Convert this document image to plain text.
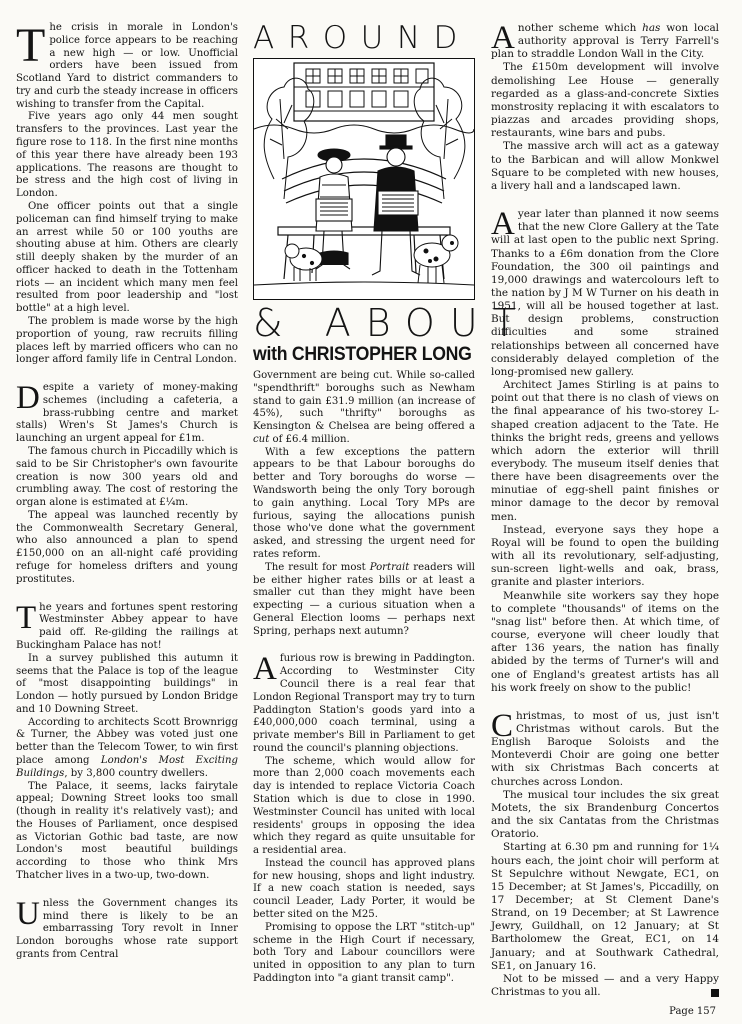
The crisis in morale in London's police force appears to be reaching a new high — or low. Unofficial orders have been issued from Scotland Yard to district commanders to try and curb the steady increase in officers wishing to transfer from the Capital.

Five years ago only 44 men sought transfers to the provinces. Last year the figure rose to 118. In the first nine months of this year there have already been 193 applications. The reasons are thought to be stress and the high cost of living in London.

One officer points out that a single policeman can find himself trying to make an arrest while 50 or 100 youths are shouting abuse at him. Others are clearly still deeply shaken by the murder of an officer hacked to death in the Tottenham riots — an incident which many men feel resulted from poor leadership and "lost bottle" at a high level.

The problem is made worse by the high proportion of young, raw recruits filling places left by married officers who can no longer afford family life in Central London.

Despite a variety of money-making schemes (including a cafeteria, a brass-rubbing centre and market stalls) Wren's St James's Church is launching an urgent appeal for £1m.

The famous church in Piccadilly which is said to be Sir Christopher's own favourite creation is now 300 years old and crumbling away. The cost of restoring the organ alone is estimated at £¼m.

The appeal was launched recently by the Commonwealth Secretary General, who also announced a plan to spend £150,000 on an all-night café providing refuge for homeless drifters and young prostitutes.

The years and fortunes spent restoring Westminster Abbey appear to have paid off. Re-gilding the railings at Buckingham Palace has not!

In a survey published this autumn it seems that the Palace is top of the league of "most disappointing buildings" in London — hotly pursued by London Bridge and 10 Downing Street.

According to architects Scott Brownrigg & Turner, the Abbey was voted just one better than the Telecom Tower, to win first place among London's Most Exciting Buildings, by 3,800 country dwellers.

The Palace, it seems, lacks fairytale appeal; Downing Street looks too small (though in reality it's relatively vast); and the Houses of Parliament, once despised as Victorian Gothic bad taste, are now London's most beautiful buildings according to those who think Mrs Thatcher lives in a two-up, two-down.

Unless the Government changes its mind there is likely to be an embarrassing Tory revolt in Inner London boroughs whose rate support grants from Central

AROUND
& ABOUT
with CHRISTOPHER LONG

Government are being cut. While so-called "spendthrift" boroughs such as Newham stand to gain £31.9 million (an increase of 45%), such "thrifty" boroughs as Kensington & Chelsea are being offered a cut of £6.4 million.

With a few exceptions the pattern appears to be that Labour boroughs do better and Tory boroughs do worse — Wandsworth being the only Tory borough to gain anything. Local Tory MPs are furious, saying the allocations punish those who've done what the government asked, and stressing the urgent need for rates reform.

The result for most Portrait readers will be either higher rates bills or at least a smaller cut than they might have been expecting — a curious situation when a General Election looms — perhaps next Spring, perhaps next autumn?

A furious row is brewing in Paddington. According to Westminster City Council there is a real fear that London Regional Transport may try to turn Paddington Station's goods yard into a £40,000,000 coach terminal, using a private member's Bill in Parliament to get round the council's planning objections.

The scheme, which would allow for more than 2,000 coach movements each day is intended to replace Victoria Coach Station which is due to close in 1990. Westminster Council has united with local residents' groups in opposing the idea which they regard as quite unsuitable for a residential area.

Instead the council has approved plans for new housing, shops and light industry. If a new coach station is needed, says council Leader, Lady Porter, it would be better sited on the M25.

Promising to oppose the LRT "stitch-up" scheme in the High Court if necessary, both Tory and Labour councillors were united in opposition to any plan to turn Paddington into "a giant transit camp".

Another scheme which has won local authority approval is Terry Farrell's plan to straddle London Wall in the City.

The £150m development will involve demolishing Lee House — generally regarded as a glass-and-concrete Sixties monstrosity replacing it with escalators to piazzas and arcades providing shops, restaurants, wine bars and pubs.

The massive arch will act as a gateway to the Barbican and will allow Monkwel Square to be completed with new houses, a livery hall and a landscaped lawn.

A year later than planned it now seems that the new Clore Gallery at the Tate will at last open to the public next Spring. Thanks to a £6m donation from the Clore Foundation, the 300 oil paintings and 19,000 drawings and watercolours left to the nation by J M W Turner on his death in 1951, will all be housed together at last. But design problems, construction difficulties and some strained relationships between all concerned have considerably delayed completion of the long-promised new gallery.

Architect James Stirling is at pains to point out that there is no clash of views on the final appearance of his two-storey L-shaped creation adjacent to the Tate. He thinks the bright reds, greens and yellows which adorn the exterior will thrill everybody. The museum itself denies that there have been disagreements over the minutiae of egg-shell paint finishes or minor damage to the decor by removal men.

Instead, everyone says they hope a Royal will be found to open the building with all its revolutionary, self-adjusting, sun-screen light-wells and oak, brass, granite and plaster interiors.

Meanwhile site workers say they hope to complete "thousands" of items on the "snag list" before then. At which time, of course, everyone will cheer loudly that after 136 years, the nation has finally abided by the terms of Turner's will and one of England's greatest artists has all his work freely on show to the public!

Christmas, to most of us, just isn't Christmas without carols. But the English Baroque Soloists and the Monteverdi Choir are going one better with six Christmas Bach concerts at churches across London.

The musical tour includes the six great Motets, the six Brandenburg Concertos and the six Cantatas from the Christmas Oratorio.

Starting at 6.30 pm and running for 1¼ hours each, the joint choir will perform at St Sepulchre without Newgate, EC1, on 15 December; at St James's, Piccadilly, on 17 December; at St Clement Dane's Strand, on 19 December; at St Lawrence Jewry, Guildhall, on 12 January; at St Bartholomew the Great, EC1, on 14 January; and at Southwark Cathedral, SE1, on January 16.

Not to be missed — and a very Happy Christmas to you all.

Page 157
